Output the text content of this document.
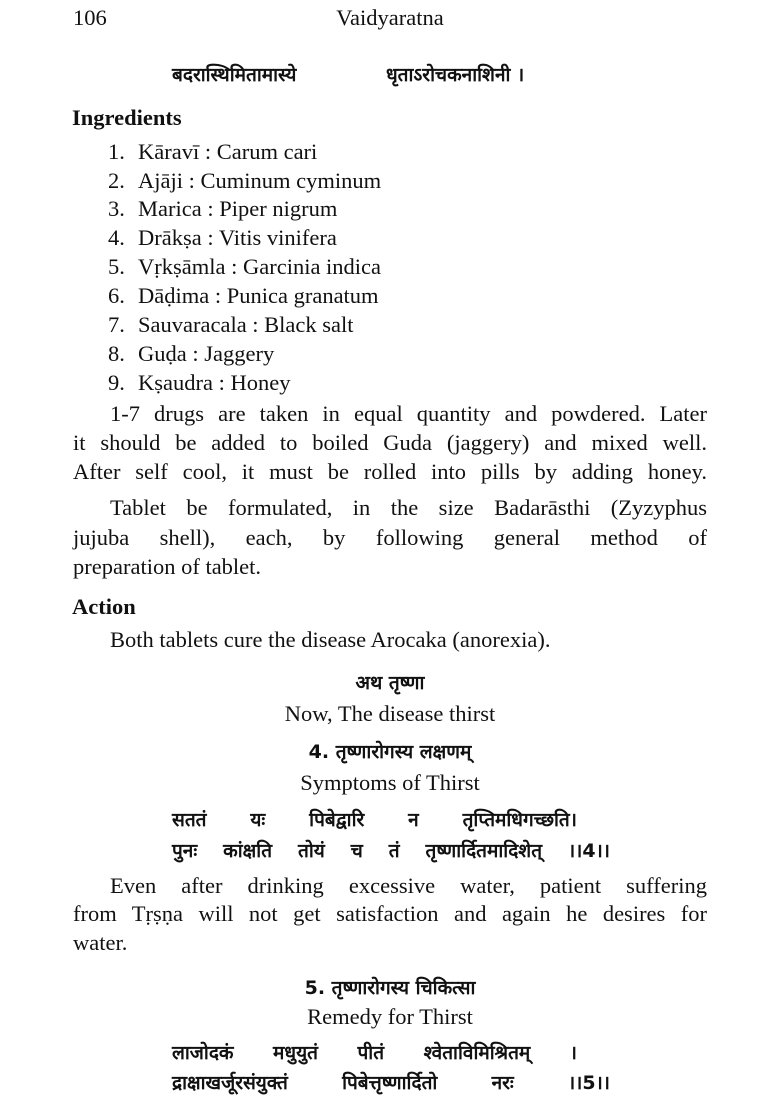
106	Vaidyaratna
बदरास्थिमितामास्ये	धृताऽरोचकनाशिनी ।
Ingredients
1. Kāravī : Carum cari
2. Ajāji : Cuminum cyminum
3. Marica : Piper nigrum
4. Drākṣa : Vitis vinifera
5. Vṛkṣāmla : Garcinia indica
6. Dāḍima : Punica granatum
7. Sauvaracala : Black salt
8. Guḍa : Jaggery
9. Kṣaudra : Honey
1-7 drugs are taken in equal quantity and powdered. Later
it should be added to boiled Guda (jaggery) and mixed well.
After self cool, it must be rolled into pills by adding honey.
Tablet be formulated, in the size Badarāsthi (Zyzyphus
jujuba shell), each, by following general method of
preparation of tablet.
Action
Both tablets cure the disease Arocaka (anorexia).
अथ तृष्णा
Now, The disease thirst
4. तृष्णारोगस्य लक्षणम्
Symptoms of Thirst
सततं यः पिबेद्वारि न तृप्तिमधिगच्छति।
पुनः कांक्षति तोयं च तं तृष्णार्दितमादिशेत् ।।4।।
Even after drinking excessive water, patient suffering
from Tṛṣṇa will not get satisfaction and again he desires for
water.
5. तृष्णारोगस्य चिकित्सा
Remedy for Thirst
लाजोदकं मधुयुतं पीतं श्वेताविमिश्रितम् ।
द्राक्षाखर्जूरसंयुक्तं	पिबेत्तृष्णार्दितो	नरः ।।5।।
